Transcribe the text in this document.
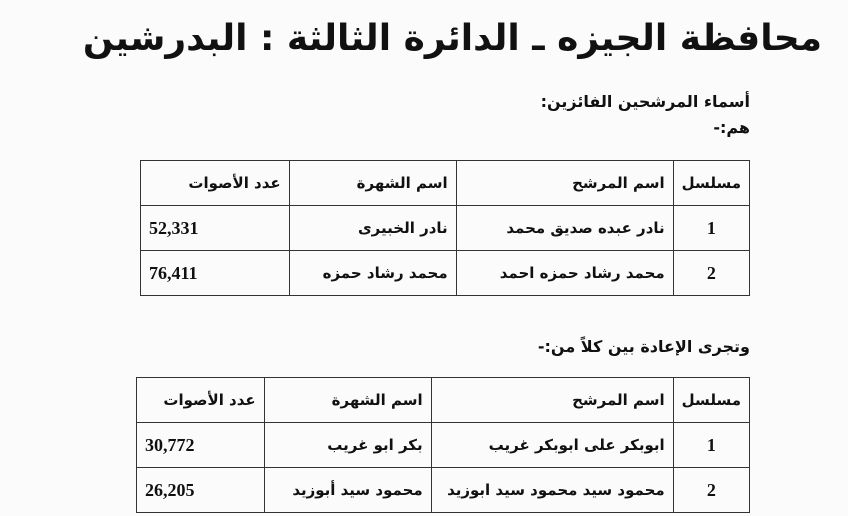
محافظة الجيزه ـ الدائرة الثالثة : البدرشين
أسماء المرشحين الفائزين:
هم:-
مسلسل	اسم المرشح	اسم الشهرة	عدد الأصوات
1	نادر عبده صديق محمد	نادر الخبيرى	52,331
2	محمد رشاد حمزه احمد	محمد رشاد حمزه	76,411
وتجرى الإعادة بين كلاً من:-
مسلسل	اسم المرشح	اسم الشهرة	عدد الأصوات
1	ابوبكر على ابوبكر غريب	بكر ابو غريب	30,772
2	محمود سيد محمود سيد ابوزيد	محمود سيد أبوزيد	26,205
